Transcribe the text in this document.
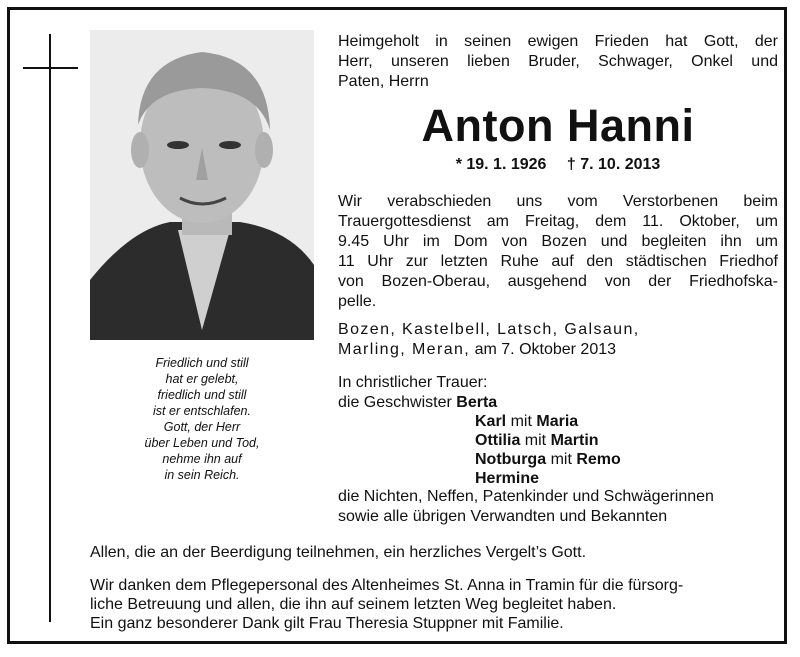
Friedlich und still
hat er gelebt,
friedlich und still
ist er entschlafen.
Gott, der Herr
über Leben und Tod,
nehme ihn auf
in sein Reich.
Heimgeholt in seinen ewigen Frieden hat Gott, der
Herr, unseren lieben Bruder, Schwager, Onkel und
Paten, Herrn
Anton Hanni
* 19. 1. 1926 † 7. 10. 2013
Wir verabschieden uns vom Verstorbenen beim
Trauergottesdienst am Freitag, dem 11. Oktober, um
9.45 Uhr im Dom von Bozen und begleiten ihn um
11 Uhr zur letzten Ruhe auf den städtischen Friedhof
von Bozen-Oberau, ausgehend von der Friedhofska-
pelle.
Bozen, Kastelbell, Latsch, Galsaun,
Marling, Meran, am 7. Oktober 2013
In christlicher Trauer:
die Geschwister Berta
Karl mit Maria
Ottilia mit Martin
Notburga mit Remo
Hermine
die Nichten, Neffen, Patenkinder und Schwägerinnen
sowie alle übrigen Verwandten und Bekannten
Allen, die an der Beerdigung teilnehmen, ein herzliches Vergelt’s Gott.
Wir danken dem Pflegepersonal des Altenheimes St. Anna in Tramin für die fürsorg-
liche Betreuung und allen, die ihn auf seinem letzten Weg begleitet haben.
Ein ganz besonderer Dank gilt Frau Theresia Stuppner mit Familie.
